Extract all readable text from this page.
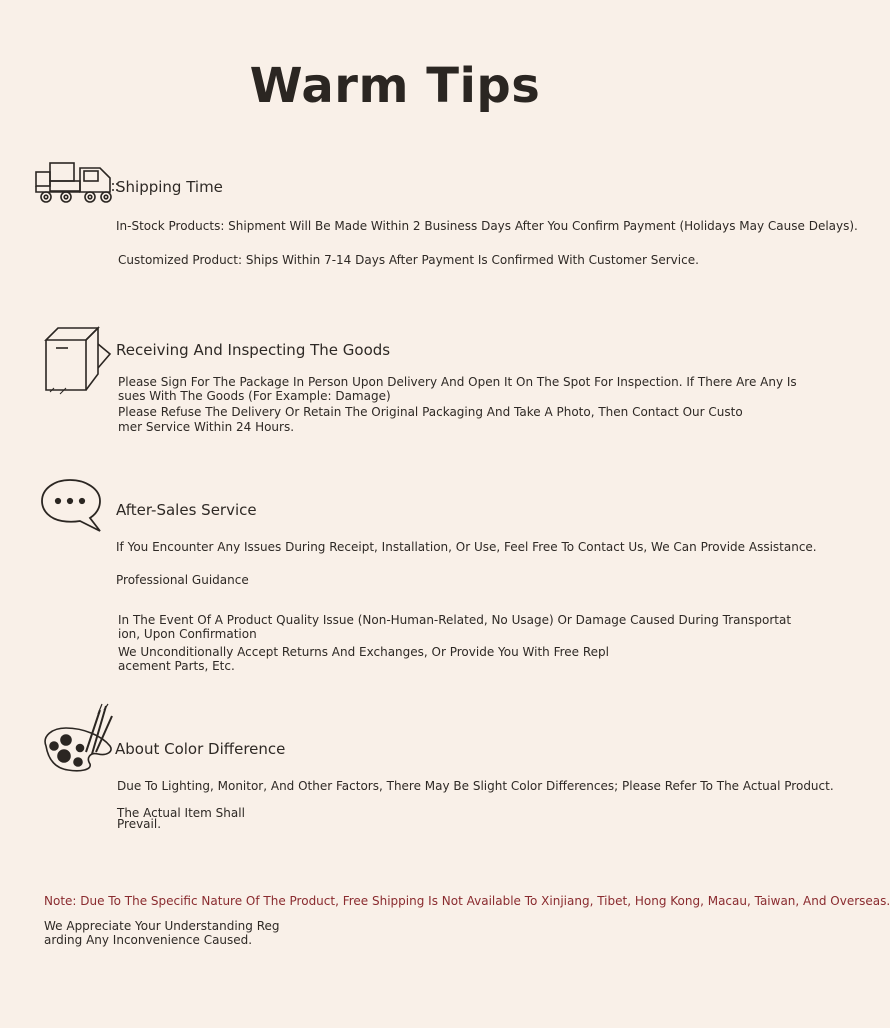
Warm Tips
Shipping Time
In-Stock Products: Shipment Will Be Made Within 2 Business Days After You Confirm Payment (Holidays May Cause Delays).
Customized Product: Ships Within 7-14 Days After Payment Is Confirmed With Customer Service.
Receiving And Inspecting The Goods
Please Sign For The Package In Person Upon Delivery And Open It On The Spot For Inspection. If There Are Any Is
sues With The Goods (For Example: Damage)
Please Refuse The Delivery Or Retain The Original Packaging And Take A Photo, Then Contact Our Custo
mer Service Within 24 Hours.
After-Sales Service
If You Encounter Any Issues During Receipt, Installation, Or Use, Feel Free To Contact Us, We Can Provide Assistance.
Professional Guidance
In The Event Of A Product Quality Issue (Non-Human-Related, No Usage) Or Damage Caused During Transportat
ion, Upon Confirmation
We Unconditionally Accept Returns And Exchanges, Or Provide You With Free Repl
acement Parts, Etc.
About Color Difference
Due To Lighting, Monitor, And Other Factors, There May Be Slight Color Differences; Please Refer To The Actual Product.
The Actual Item Shall
Prevail.
Note: Due To The Specific Nature Of The Product, Free Shipping Is Not Available To Xinjiang, Tibet, Hong Kong, Macau, Taiwan, And Overseas.
We Appreciate Your Understanding Reg
arding Any Inconvenience Caused.
